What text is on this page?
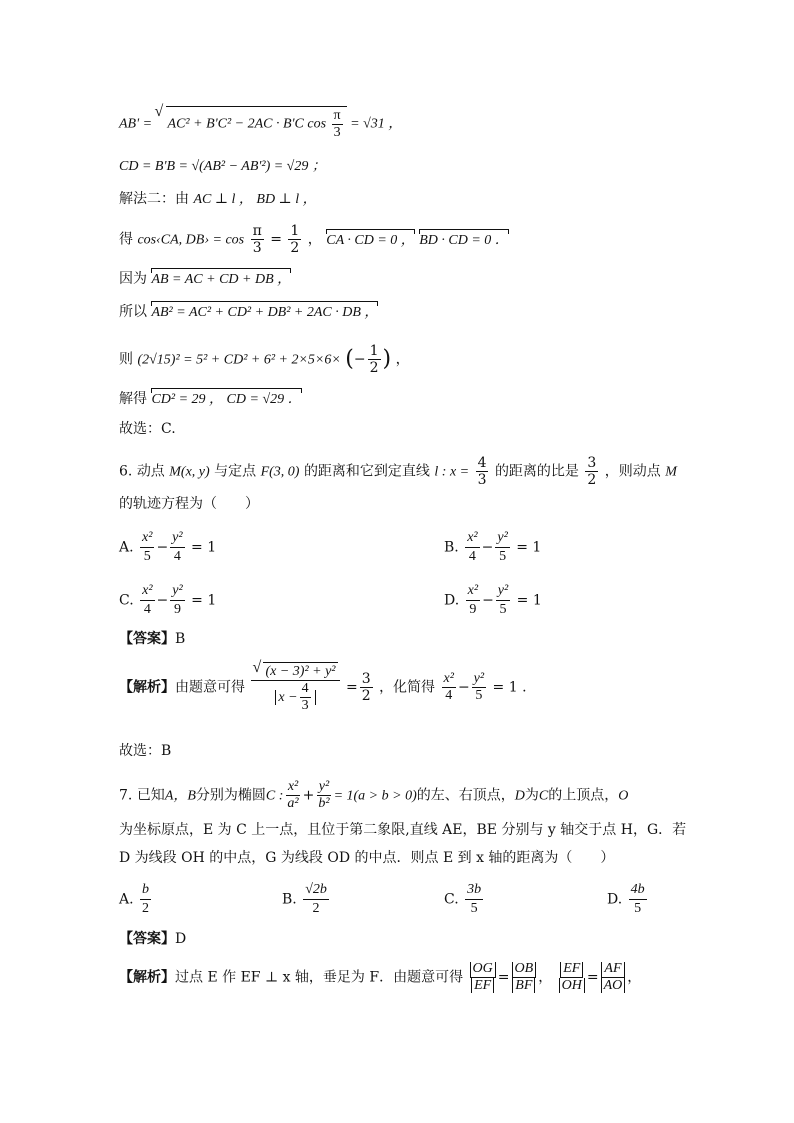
AB' = √ AC² + B'C² − 2AC · B'C $\cos \frac{\pi}{3} = √31$ ，
CD = B'B = √(AB² − AB'²) = √29 ；
解法二：由 AC ⊥ l ， BD ⊥ l ，
得 cos‹CA, DB› = $\cos \frac{\pi}{3} = \frac{1}{2}$ ， CA · CD = 0 ， BD · CD = 0 ．
因为 AB = AC + CD + DB ，
所以 AB² = AC² + CD² + DB² + 2AC · DB ，
则 (2√15)² = 5² + CD² + 6² + 2×5×6× (− $\frac{1}{2}$ ) ，
解得 CD² = 29 ， CD = √29 ．
故选：C.
6. 动点 M(x, y) 与定点 F(3, 0) 的距离和它到定直线 l : $x = \frac{4}{3}$ 的距离的比是 $\frac{3}{2}$ ，则动点 M
的轨迹方程为（　　）
A. $\frac{\text{x²}}{5} - \frac{\text{y²}}{4} = 1$	B. $\frac{\text{x²}}{4} - \frac{\text{y²}}{5} = 1$
C. $\frac{\text{x²}}{4} - \frac{\text{y²}}{9} = 1$	D. $\frac{\text{x²}}{9} - \frac{\text{y²}}{5} = 1$
【答案】B
【解析】由题意可得 √ $\frac{\text{(x − 3)² + y²}}{x - \frac{4}{3}} = \frac{3}{2}$ ，化简得 $\frac{\text{x²}}{4} - \frac{\text{y²}}{5} = 1$ .
故选：B
7. 已知A，B分别为椭圆C : $\frac{\text{x²}}{\text{a²}} + \frac{\text{y²}}{\text{b²}} = 1(a > b > 0)$的左、右顶点，D为C的上顶点，O
为坐标原点，E 为 C 上一点，且位于第二象限,直线 AE，BE 分别与 y 轴交于点 H，G．若
D 为线段 OH 的中点，G 为线段 OD 的中点．则点 E 到 x 轴的距离为（　　）
A. $\frac{b}{2}$	B. $\frac{√2b}{2}$	C. $\frac{3b}{5}$	D. $\frac{4b}{5}$
【答案】D
【解析】过点 E 作 EF ⊥ x 轴，垂足为 F．由题意可得 $\frac{OG}{EF} = \frac{OB}{BF}$ ， $\frac{EF}{OH} = \frac{AF}{AO}$ ，
